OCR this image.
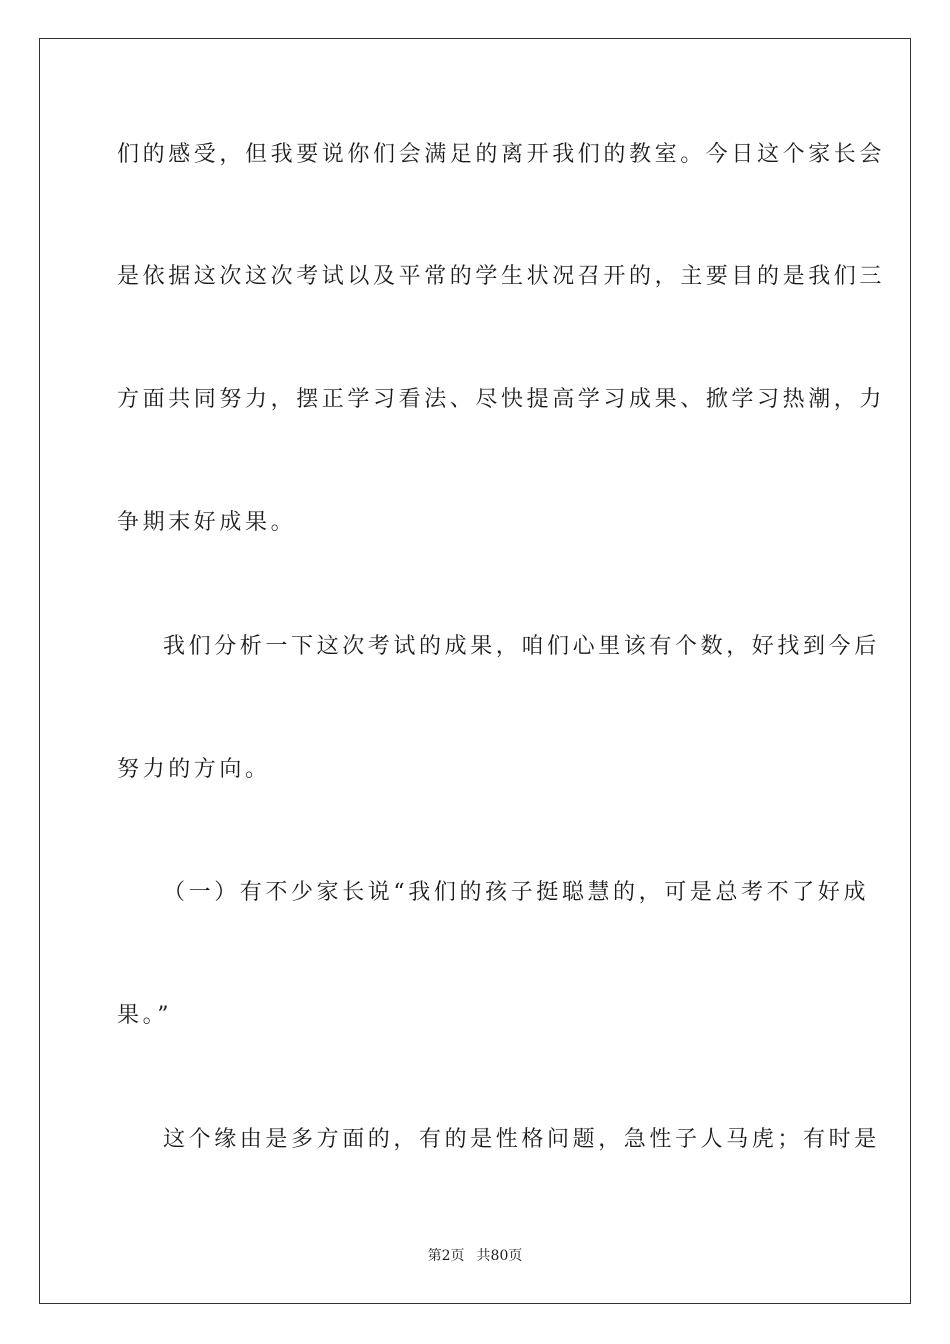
们的感受，但我要说你们会满足的离开我们的教室。今日这个家长会
是依据这次这次考试以及平常的学生状况召开的，主要目的是我们三
方面共同努力，摆正学习看法、尽快提高学习成果、掀学习热潮，力
争期末好成果。
我们分析一下这次考试的成果，咱们心里该有个数，好找到今后
努力的方向。
（一）有不少家长说“我们的孩子挺聪慧的，可是总考不了好成
果。”
这个缘由是多方面的，有的是性格问题，急性子人马虎；有时是
第2页 共80页
